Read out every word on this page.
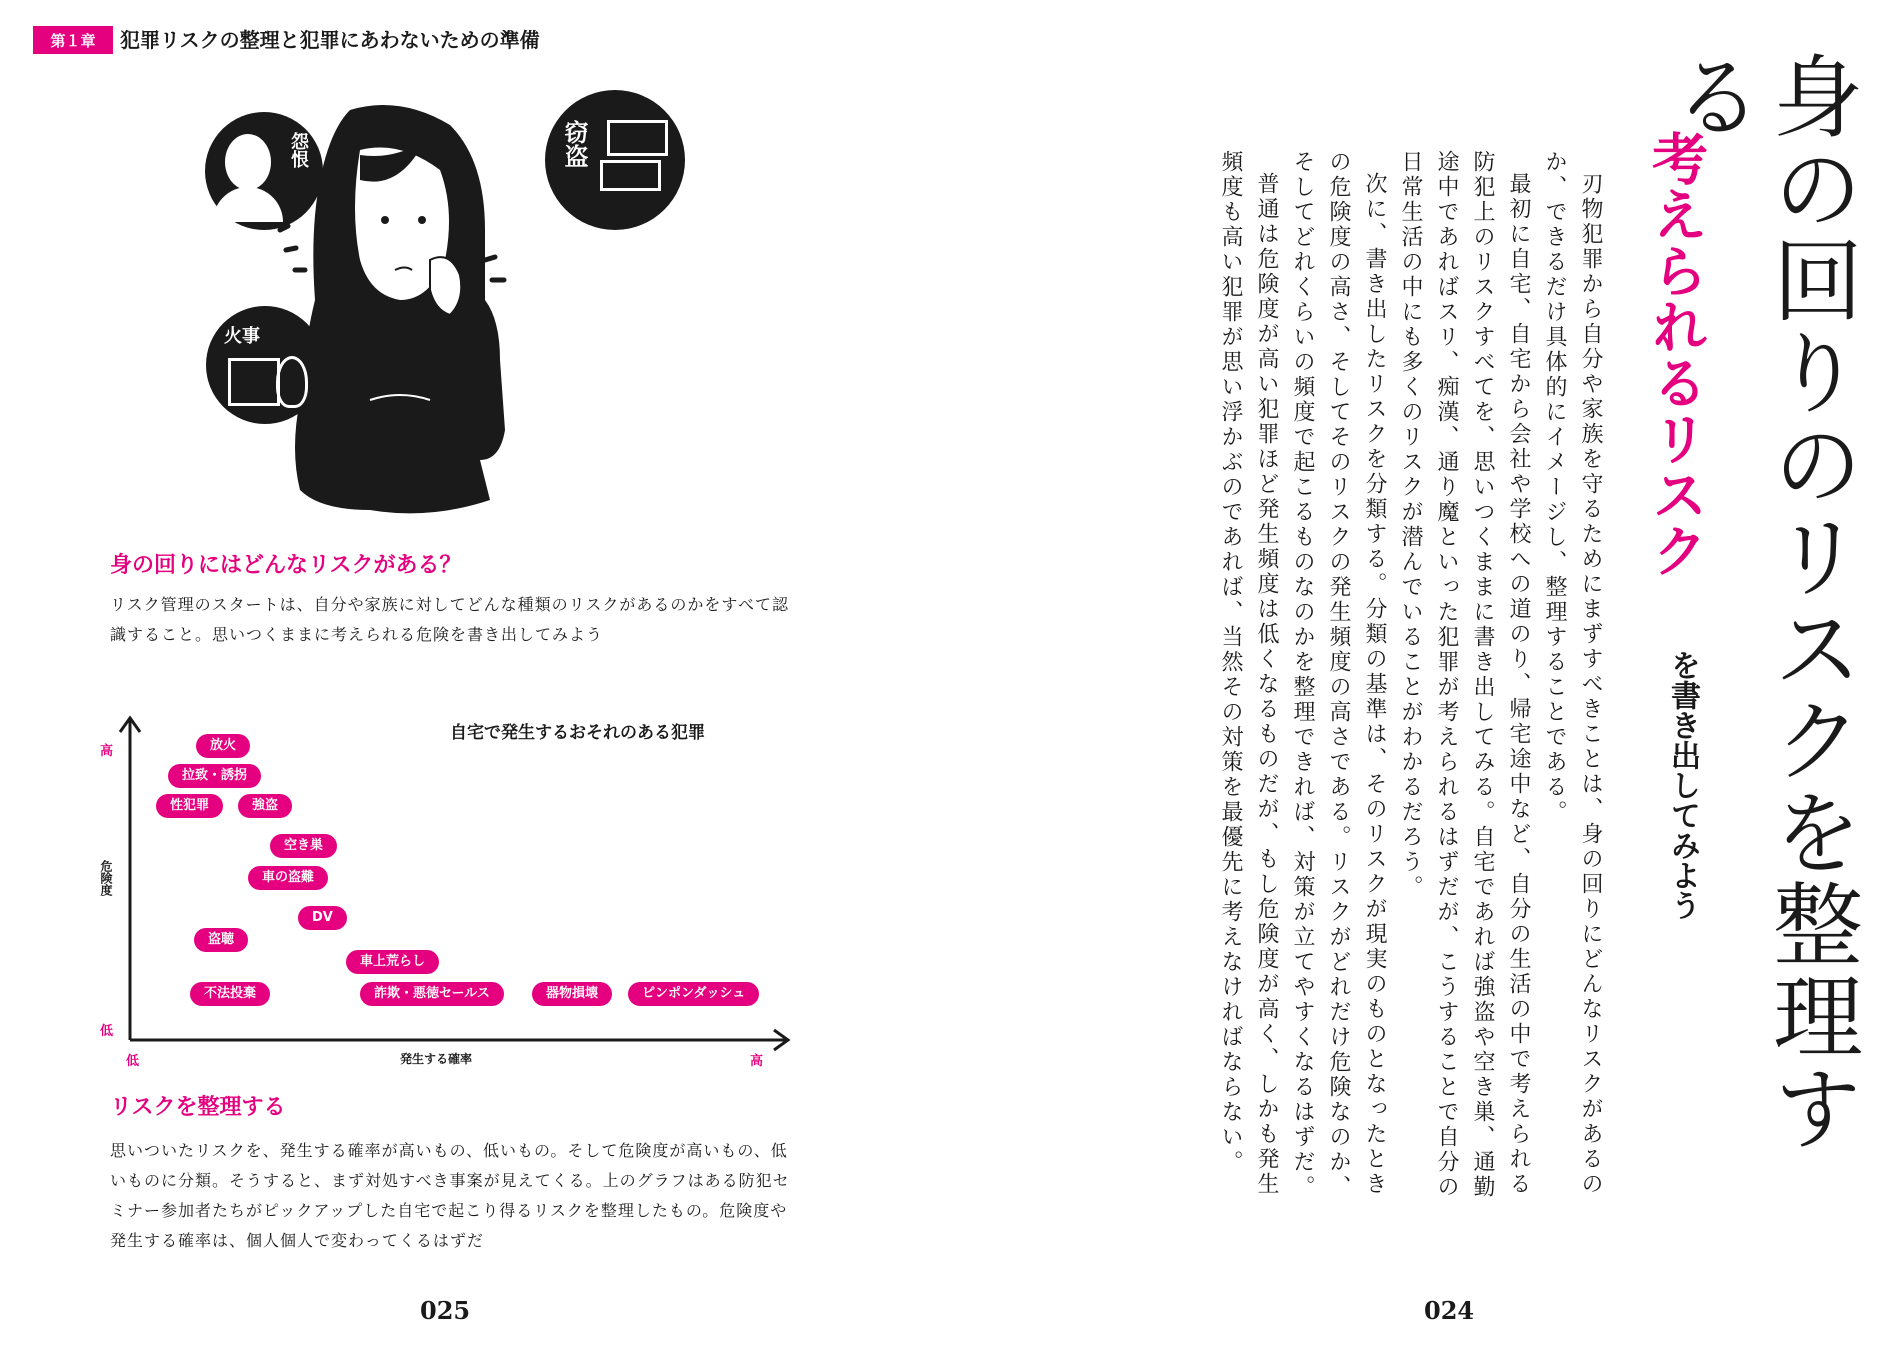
第１章	犯罪リスクの整理と犯罪にあわないための準備
怨恨	窃盗
火事
身の回りにはどんなリスクがある？
リスク管理のスタートは、自分や家族に対してどんな種類のリスクがあるのかをすべて認識すること。思いつくままに考えられる危険を書き出してみよう
自宅で発生するおそれのある犯罪
高
低
危険度
低	高
発生する確率
放火
拉致・誘拐
性犯罪	強盗
空き巣
車の盗難
DV
盗聴
車上荒らし
不法投棄	詐欺・悪徳セールス	器物損壊	ピンポンダッシュ
リスクを整理する
思いついたリスクを、発生する確率が高いもの、低いもの。そして危険度が高いもの、低いものに分類。そうすると、まず対処すべき事案が見えてくる。上のグラフはある防犯セミナー参加者たちがピックアップした自宅で起こり得るリスクを整理したもの。危険度や発生する確率は、個人個人で変わってくるはずだ
025
身の回りのリスクを整理する
考えられるリスク
を書き出してみよう

刃物犯罪から自分や家族を守るためにまずすべきことは、身の回りにどんなリスクがあるのか、できるだけ具体的にイメージし、整理することである。

最初に自宅、自宅から会社や学校への道のり、帰宅途中など、自分の生活の中で考えられる防犯上のリスクすべてを、思いつくままに書き出してみる。自宅であれば強盗や空き巣、通勤途中であればスリ、痴漢、通り魔といった犯罪が考えられるはずだが、こうすることで自分の日常生活の中にも多くのリスクが潜んでいることがわかるだろう。

次に、書き出したリスクを分類する。分類の基準は、そのリスクが現実のものとなったときの危険度の高さ、そしてそのリスクの発生頻度の高さである。リスクがどれだけ危険なのか、そしてどれくらいの頻度で起こるものなのかを整理できれば、対策が立てやすくなるはずだ。

普通は危険度が高い犯罪ほど発生頻度は低くなるものだが、もし危険度が高く、しかも発生頻度も高い犯罪が思い浮かぶのであれば、当然その対策を最優先に考えなければならない。

024
